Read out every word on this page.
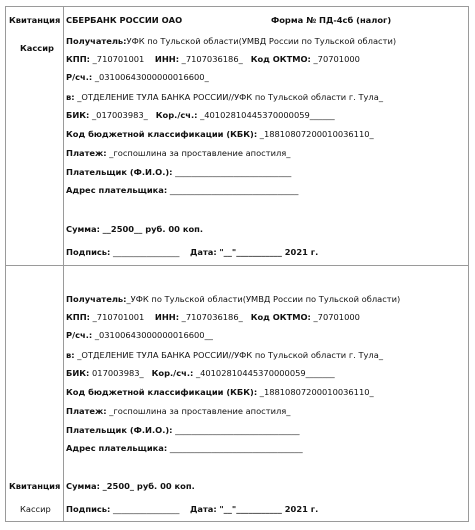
Квитанция
Кассир
СБЕРБАНК РОССИИ ОАО	Форма № ПД-4сб (налог)
Получатель:УФК по Тульской области(УМВД России по Тульской области)
КПП: _710701001 ИНН: _7107036186_ Код ОКТМО: _70701000
Р/сч.: _03100643000000016600_
в: _ОТДЕЛЕНИЕ ТУЛА БАНКА РОССИИ//УФК по Тульской области г. Тула_
БИК: _017003983_ Кор./сч.: _40102810445370000059______
Код бюджетной классификации (КБК): _18810807200010036110_
Платеж: _госпошлина за проставление апостиля_
Плательщик (Ф.И.О.): ____________________________
Адрес плательщика: _______________________________
Сумма: __2500__ руб. 00 коп.
Подпись: ________________ Дата: "__"___________ 2021 г.
Получатель:_УФК по Тульской области(УМВД России по Тульской области)
КПП: _710701001 ИНН: _7107036186_ Код ОКТМО: _70701000
Р/сч.: _03100643000000016600__
в: _ОТДЕЛЕНИЕ ТУЛА БАНКА РОССИИ//УФК по Тульской области г. Тула_
БИК: 017003983_ Кор./сч.: _40102810445370000059_______
Код бюджетной классификации (КБК): _18810807200010036110_
Платеж: _госпошлина за проставление апостиля_
Плательщик (Ф.И.О.): ______________________________
Адрес плательщика: ________________________________
Квитанция Сумма: _2500_ руб. 00 коп.
Кассир Подпись: ________________ Дата: "__"___________ 2021 г.
